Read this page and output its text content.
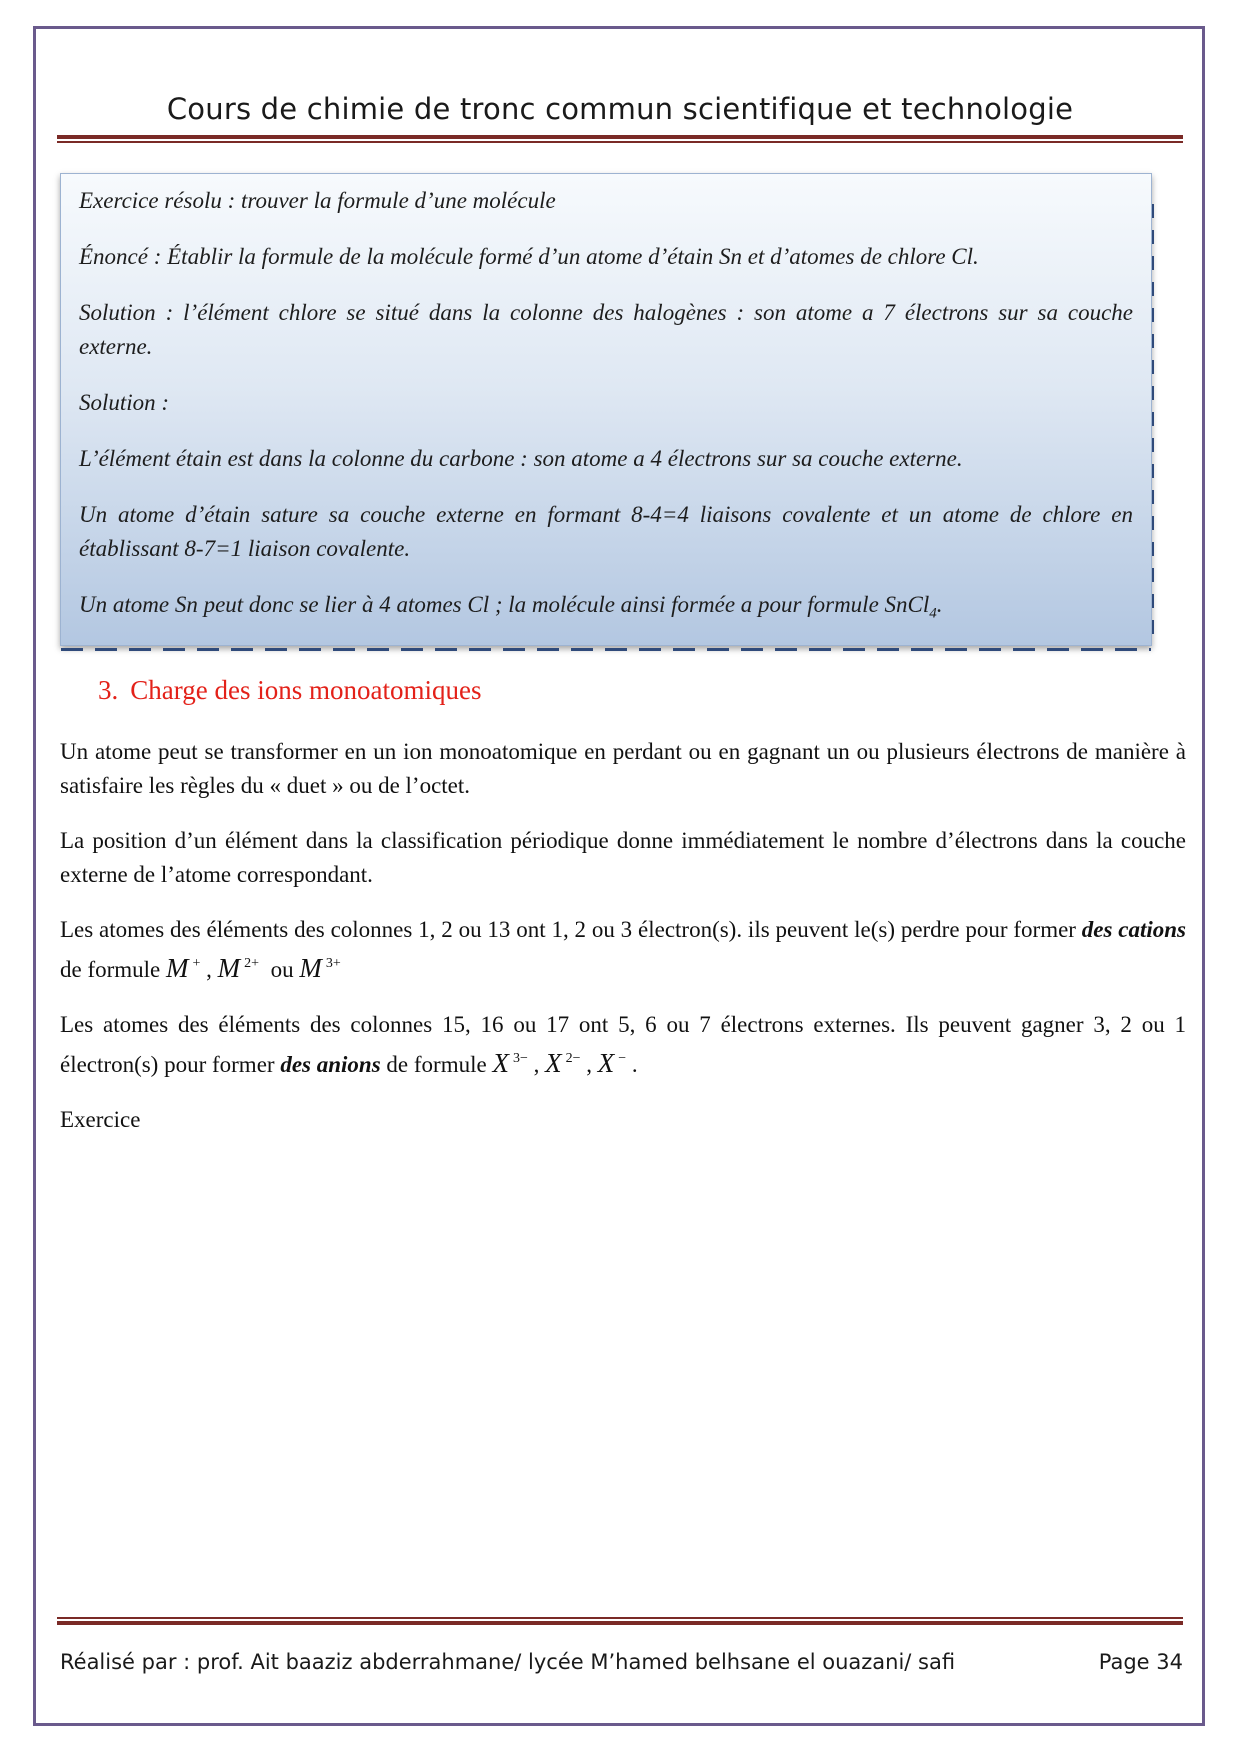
Cours de chimie de tronc commun scientifique et technologie

Exercice résolu : trouver la formule d’une molécule

Énoncé : Établir la formule de la molécule formé d’un atome d’étain Sn et d’atomes de chlore Cl.

Solution : l’élément chlore se situé dans la colonne des halogènes : son atome a 7 électrons sur sa couche externe.

Solution :

L’élément étain est dans la colonne du carbone : son atome a 4 électrons sur sa couche externe.

Un atome d’étain sature sa couche externe en formant 8-4=4 liaisons covalente et un atome de chlore en établissant 8-7=1 liaison covalente.

Un atome Sn peut donc se lier à 4 atomes Cl ; la molécule ainsi formée a pour formule SnCl$_4$.

3. Charge des ions monoatomiques

Un atome peut se transformer en un ion monoatomique en perdant ou en gagnant un ou plusieurs électrons de manière à satisfaire les règles du « duet » ou de l’octet.

La position d’un élément dans la classification périodique donne immédiatement le nombre d’électrons dans la couche externe de l’atome correspondant.

Les atomes des éléments des colonnes 1, 2 ou 13 ont 1, 2 ou 3 électron(s). ils peuvent le(s) perdre pour former des cations de formule M + , M $^{2+}$ ou M $^{3+}$

Les atomes des éléments des colonnes 15, 16 ou 17 ont 5, 6 ou 7 électrons externes. Ils peuvent gagner 3, 2 ou 1 électron(s) pour former des anions de formule X $^{3-}$ , X $^{2-}$ , X − .

Exercice

Réalisé par : prof. Ait baaziz abderrahmane/ lycée M’hamed belhsane el ouazani/ safi	Page 34
